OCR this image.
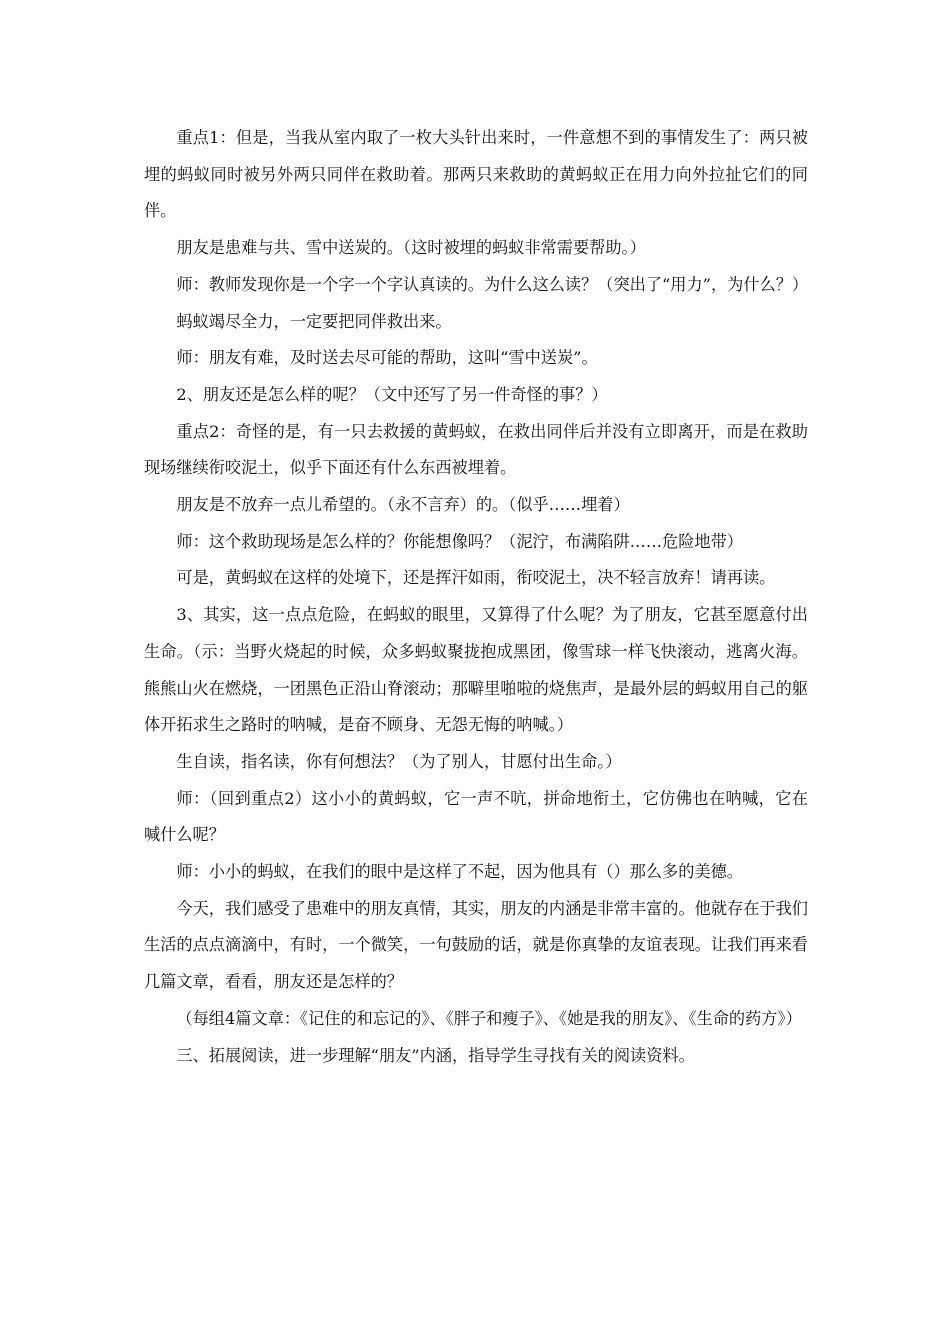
重点1：但是，当我从室内取了一枚大头针出来时，一件意想不到的事情发生了：两只被埋的蚂蚁同时被另外两只同伴在救助着。那两只来救助的黄蚂蚁正在用力向外拉扯它们的同伴。

朋友是患难与共、雪中送炭的。（这时被埋的蚂蚁非常需要帮助。）

师：教师发现你是一个字一个字认真读的。为什么这么读？（突出了“用力”，为什么？）

蚂蚁竭尽全力，一定要把同伴救出来。

师：朋友有难，及时送去尽可能的帮助，这叫“雪中送炭”。

2、朋友还是怎么样的呢？（文中还写了另一件奇怪的事？）

重点2：奇怪的是，有一只去救援的黄蚂蚁，在救出同伴后并没有立即离开，而是在救助现场继续衔咬泥土，似乎下面还有什么东西被埋着。

朋友是不放弃一点儿希望的。（永不言弃）的。（似乎……埋着）

师：这个救助现场是怎么样的？你能想像吗？（泥泞，布满陷阱……危险地带）

可是，黄蚂蚁在这样的处境下，还是挥汗如雨，衔咬泥土，决不轻言放弃！请再读。

3、其实，这一点点危险，在蚂蚁的眼里，又算得了什么呢？为了朋友，它甚至愿意付出生命。（示：当野火烧起的时候，众多蚂蚁聚拢抱成黑团，像雪球一样飞快滚动，逃离火海。熊熊山火在燃烧，一团黑色正沿山脊滚动；那噼里啪啦的烧焦声，是最外层的蚂蚁用自己的躯体开拓求生之路时的呐喊，是奋不顾身、无怨无悔的呐喊。）

生自读，指名读，你有何想法？（为了别人，甘愿付出生命。）

师：（回到重点2）这小小的黄蚂蚁，它一声不吭，拼命地衔土，它仿佛也在呐喊，它在喊什么呢？

师：小小的蚂蚁，在我们的眼中是这样了不起，因为他具有（）那么多的美德。

今天，我们感受了患难中的朋友真情，其实，朋友的内涵是非常丰富的。他就存在于我们生活的点点滴滴中，有时，一个微笑，一句鼓励的话，就是你真挚的友谊表现。让我们再来看几篇文章，看看，朋友还是怎样的？

（每组4篇文章：《记住的和忘记的》、《胖子和瘦子》、《她是我的朋友》、《生命的药方》）

三、拓展阅读，进一步理解“朋友”内涵，指导学生寻找有关的阅读资料。
